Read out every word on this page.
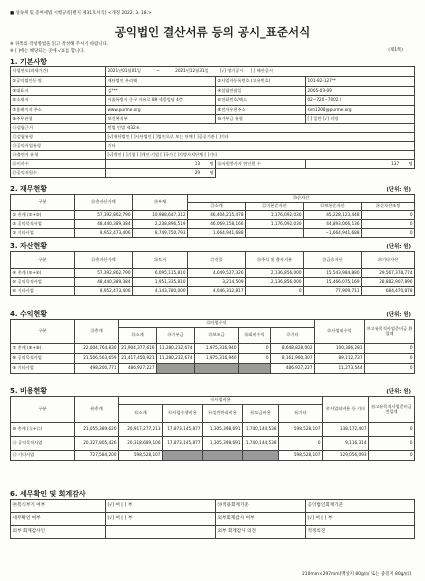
■ 상속세 및 증여세법 시행규칙[별지 제31호서식] <개정 2022. 3. 18.>
공익법인 결산서류 등의 공시_표준서식
※ 뒤쪽의 작성방법을 읽고 작성해 주시기 바랍니다.
※ [ ]에는 해당되는 곳에 √표를 합니다.	(제1쪽)
1. 기본사항
사업연도(과세기간)	2021년01월01일 ~ 2021년12월31일 [√] 정기공시 [ ] 해산공시		
①공익법인등 명	재단법인 우리해	②사업자등록번호 (고유번호)	101-82-127**
③대표자	김***	④설립연월일	2005-03-09
⑤소재지	서울특별시 중구 자유로 89 세종빌딩 4층	⑥전화번호/팩스	02−720−7002 /
⑦홈페이지 주소	www.purme.org	⑧전자우편주소	sim1208@purme.org
⑨주무관청	보건복지부	⑩기부금 유형	[ ] 일반 [√] 지정
⑪설립근거	민법 민법 제32조		
⑫설립유형	[√]재단법인 [ ]사단법인 [ ]법인으로 보는 단체 [ ]공공기관 [ ]기타		
⑬공익사업유형	기타		
⑭출연자 유형	[√]개인 [ ]기업 [ ]개인·기업 [ ]국가 [ ]지방자치단체 [ ]기타		
⑮이사수	13 명	⑯자원봉사자 연인원 수	137 명
⑰공익직원수	29 명		
2. 재무현황	(단위: 원)
구분	⑱총자산가액	⑲부채	⑳순자산			
			㉑소계	㉒기본순자산	㉓보통순자산	㉔순자산조정
① 총계 (②+③)	57,392,862,790	10,988,647,312	46,404,215,478	1,176,092,030	45,228,123,448	0
② 공익목적사업	48,440,389,384	2,238,896,519	46,069,158,166	1,176,092,030	44,893,066,136	0
③ 기타사업	8,952,473,406	8,749,750,793	1,664,941,688		−1,664,941,688	0
3. 자산현황	(단위: 원)
구분	㉕총자산가액	㉖토지	㉗건물	㉘주식 및 출자지분	㉙금융자산	㉚기타자산
④ 총계 (⑤+⑥)	57,392,862,790	6,095,115,810	4,049,527,326	2,136,856,000	15,543,984,880	29,567,378,774
⑤ 공익목적사업	48,440,389,384	1,951,335,810	3,214,509	2,136,856,000	15,466,075,169	28,882,907,896
⑥ 기타사업	8,952,473,406	4,143,780,000	4,046,312,817	0	77,909,711	684,470,878
4. 수익현황	(단위: 원)
구분	㉛총계	㉜사업수익					㊳사업외수익	㊴고유목적사업준비금 환입액
		㉝소계	㉞기부금	㉟보조금	㊱회비수익	㊲기타		
⑦ 총계 (⑧+⑨)	22,004,764,830	21,904,377,616	11,280,232,674	1,975,316,940	0	8,648,828,002	100,386,281	0
⑧ 공익목적사업	21,506,563,659	21,417,450,921	11,280,232,674	1,975,316,940	0	8,161,900,307	89,112,737	0
⑨ 기타사업	498,200,771	486,927,227				486,927,227	11,273,544	0
5. 비용현황	(단위: 원)
구분	㊵총계	㊶사업비용					㊼사업외비용 등 기타	㊽고유목적사업준비금전입액
		㊷소계	㊸사업수행비용	㊹일반관리비용	㊺모금비용	㊻기타		
⑩ 총계 (⑪+⑫)	21,055,389,620	20,917,277,213	17,873,145,877	1,305,398,691	1,740,144,538	598,528,107	138,172,407	0
⑪ 공익목적사업	20,327,805,426	20,318,689,106	17,873,145,877	1,305,398,691	1,740,144,538	0	9,116,314	0
⑫ 기타사업	727,584,200	598,528,107				598,528,107	129,056,093	0
6. 세무확인 및 회계감사
㊾복식부기 여부	[√] 여 [ ] 부	㊿적용회계기준	공익법인회계기준
세무확인 여부	[√] 여 [ ] 부	외부회계감사 여부	[√] 여 [ ] 부
외부 회계감사인		외부 회계감사 의견	적정의견
210mm×297mm[백상지 80g/㎡ 또는 중질지 80g/㎡]
